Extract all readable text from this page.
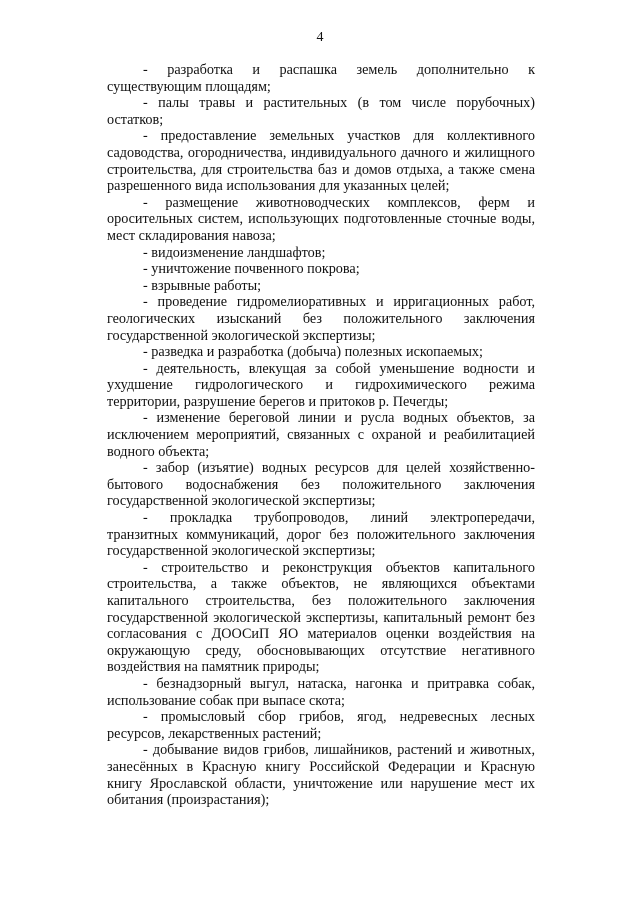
4

- разработка и распашка земель дополнительно к существующим площадям;

- палы травы и растительных (в том числе порубочных) остатков;

- предоставление земельных участков для коллективного садоводства, огородничества, индивидуального дачного и жилищного строительства, для строительства баз и домов отдыха, а также смена разрешенного вида использования для указанных целей;

- размещение животноводческих комплексов, ферм и оросительных систем, использующих подготовленные сточные воды, мест складирования навоза;

- видоизменение ландшафтов;

- уничтожение почвенного покрова;

- взрывные работы;

- проведение гидромелиоративных и ирригационных работ, геологических изысканий без положительного заключения государственной экологической экспертизы;

- разведка и разработка (добыча) полезных ископаемых;

- деятельность, влекущая за собой уменьшение водности и ухудшение гидрологического и гидрохимического режима территории, разрушение берегов и притоков р. Печегды;

- изменение береговой линии и русла водных объектов, за исключением мероприятий, связанных с охраной и реабилитацией водного объекта;

- забор (изъятие) водных ресурсов для целей хозяйственно-бытового водоснабжения без положительного заключения государственной экологической экспертизы;

- прокладка трубопроводов, линий электропередачи, транзитных коммуникаций, дорог без положительного заключения государственной экологической экспертизы;

- строительство и реконструкция объектов капитального строительства, а также объектов, не являющихся объектами капитального строительства, без положительного заключения государственной экологической экспертизы, капитальный ремонт без согласования с ДООСиП ЯО материалов оценки воздействия на окружающую среду, обосновывающих отсутствие негативного воздействия на памятник природы;

- безнадзорный выгул, натаска, нагонка и притравка собак, использование собак при выпасе скота;

- промысловый сбор грибов, ягод, недревесных лесных ресурсов, лекарственных растений;

- добывание видов грибов, лишайников, растений и животных, занесённых в Красную книгу Российской Федерации и Красную книгу Ярославской области, уничтожение или нарушение мест их обитания (произрастания);
